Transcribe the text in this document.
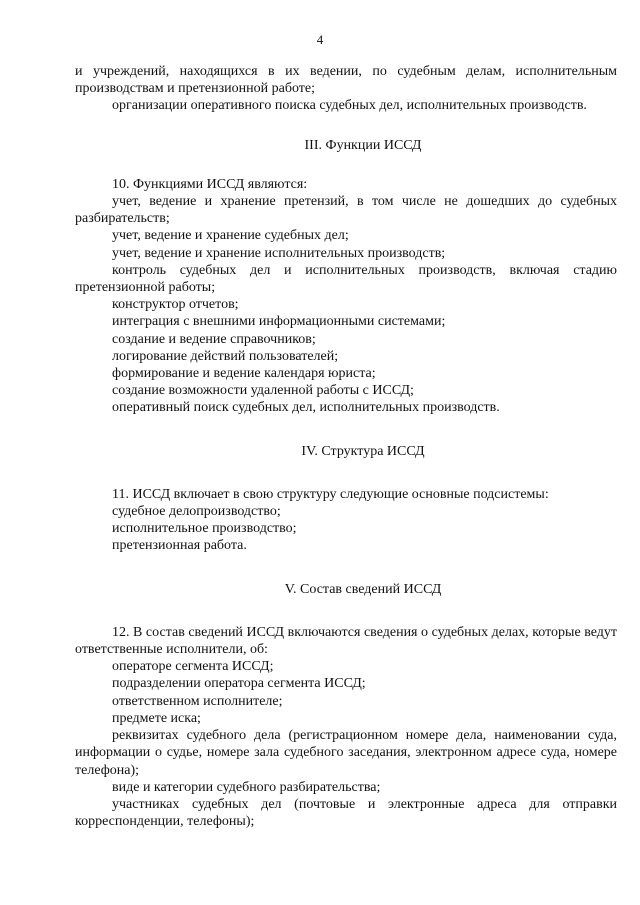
4

и учреждений, находящихся в их ведении, по судебным делам, исполнительным производствам и претензионной работе;

организации оперативного поиска судебных дел, исполнительных производств.

III. Функции ИССД

10. Функциями ИССД являются:

учет, ведение и хранение претензий, в том числе не дошедших до судебных разбирательств;

учет, ведение и хранение судебных дел;

учет, ведение и хранение исполнительных производств;

контроль судебных дел и исполнительных производств, включая стадию претензионной работы;

конструктор отчетов;

интеграция с внешними информационными системами;

создание и ведение справочников;

логирование действий пользователей;

формирование и ведение календаря юриста;

создание возможности удаленной работы с ИССД;

оперативный поиск судебных дел, исполнительных производств.

IV. Структура ИССД

11. ИССД включает в свою структуру следующие основные подсистемы:

судебное делопроизводство;

исполнительное производство;

претензионная работа.

V. Состав сведений ИССД

12. В состав сведений ИССД включаются сведения о судебных делах, которые ведут ответственные исполнители, об:

операторе сегмента ИССД;

подразделении оператора сегмента ИССД;

ответственном исполнителе;

предмете иска;

реквизитах судебного дела (регистрационном номере дела, наименовании суда, информации о судье, номере зала судебного заседания, электронном адресе суда, номере телефона);

виде и категории судебного разбирательства;

участниках судебных дел (почтовые и электронные адреса для отправки корреспонденции, телефоны);
